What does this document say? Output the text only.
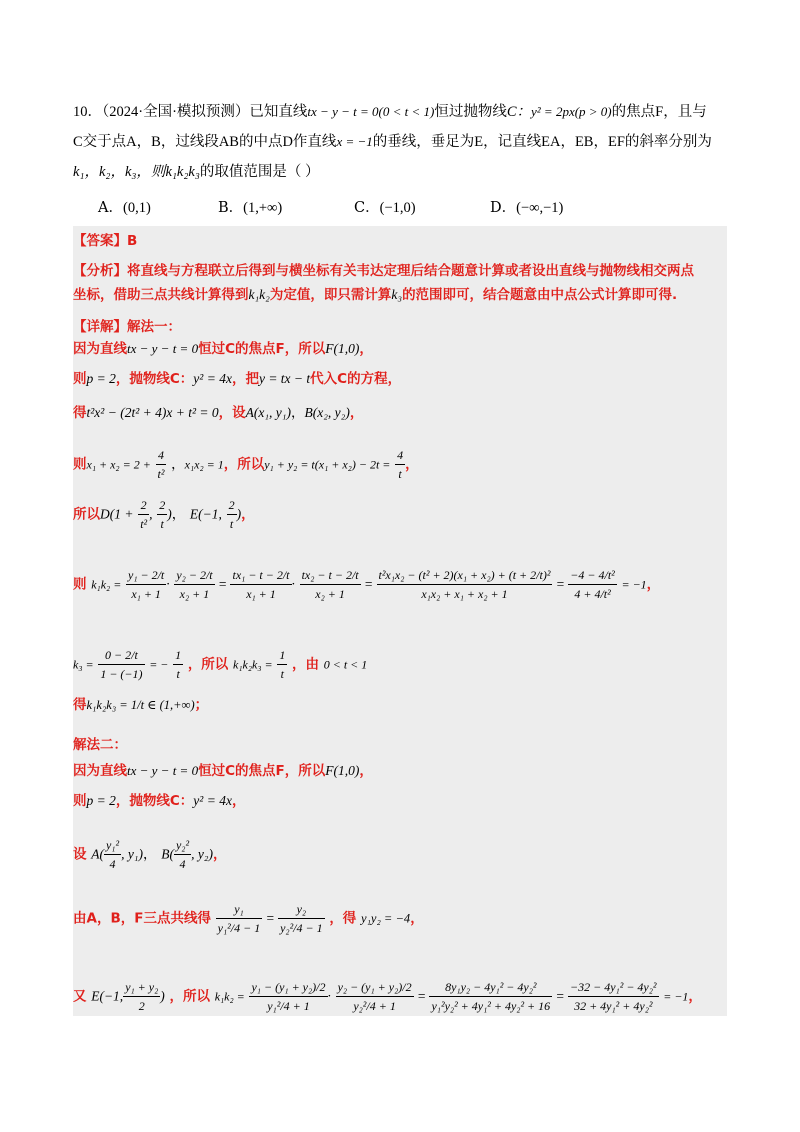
10．（2024·全国·模拟预测）已知直线tx − y − t = 0(0 < t < 1)恒过抛物线C：y² = 2px(p > 0)的焦点F，且与
C交于点A，B，过线段AB的中点D作直线x = −1的垂线，垂足为E，记直线EA，EB，EF的斜率分别为
k₁，k₂，k₃，则k₁k₂k₃的取值范围是（ ）
A．(0,1)	B．(1,+∞)	C．(−1,0)	D．(−∞,−1)
【答案】B
【分析】将直线与方程联立后得到与横坐标有关韦达定理后结合题意计算或者设出直线与抛物线相交两点
坐标，借助三点共线计算得到k₁k₂为定值，即只需计算k₃的范围即可，结合题意由中点公式计算即可得.
【详解】解法一：
因为直线tx − y − t = 0恒过C的焦点F，所以F(1,0)，
则p = 2，抛物线C：y² = 4x，把y = tx − t代入C的方程，
得t²x² − (2t² + 4)x + t² = 0，设A(x₁, y₁)，B(x₂, y₂)，
则$x_1 + x_2 = 2 + \frac{4}{\text{t²}}$ ，x₁x₂ = 1，所以$y_1 + y_2 = t(x_1 + x_2) - 2t = \frac{4}{t}$ ，
所以$D(1 + \frac{2}{\text{t²}}$ , $\frac{2}{t}$ )， E(−1, $\frac{2}{t}$ )，
则 $k_1k_2 = \frac{\text{y₁ − 2/t}}{\text{x₁ + 1}} \cdot \frac{\text{y₂ − 2/t}}{\text{x₂ + 1}} = \frac{\text{tx₁ − t − 2/t}}{\text{x₁ + 1}} \cdot \frac{\text{tx₂ − t − 2/t}}{\text{x₂ + 1}} = \frac{\text{t²x₁x₂ − (t² + 2)(x₁ + x₂) + (t + 2/t)²}}{\text{x₁x₂ + x₁ + x₂ + 1}} = \frac{\text{−4 − 4/t²}}{\text{4 + 4/t²}} = -1$，
$k_3 = \frac{0 - 2/t}{1 - (-1)}$ = − $\frac{1}{t}$ ，所以 $k_1k_2k_3 = \frac{1}{t}$ ，由 0 < t < 1
得k₁k₂k₃ = 1/t ∈ (1,+∞)；
解法二：
因为直线tx − y − t = 0恒过C的焦点F，所以F(1,0)，
则p = 2，抛物线C：y² = 4x，
设 $A( \frac{\text{y₁²}}{4}$ , y₁)， $B( \frac{\text{y₂²}}{4}$ , y₂)，
由A，B，F三点共线得 $\frac{\text{y₁}}{\text{y₁²/4 − 1}} = \frac{\text{y₂}}{\text{y₂²/4 − 1}}$ ，得 y₁y₂ = −4，
又 E(−1, $\frac{\text{y₁ + y₂}}{2}$ ) ，所以 $k_1k_2 = \frac{\text{y₁ − (y₁ + y₂)/2}}{\text{y₁²/4 + 1}} \cdot \frac{\text{y₂ − (y₁ + y₂)/2}}{\text{y₂²/4 + 1}} = \frac{\text{8y₁y₂ − 4y₁² − 4y₂²}}{\text{y₁²y₂² + 4y₁² + 4y₂² + 16}} = \frac{\text{−32 − 4y₁² − 4y₂²}}{\text{32 + 4y₁² + 4y₂²}} = -1$，
